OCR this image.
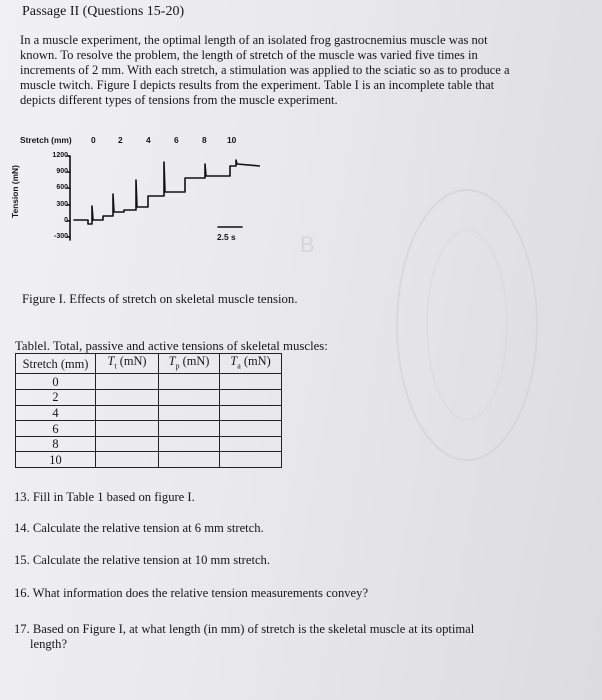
B
Passage II (Questions 15-20)
In a muscle experiment, the optimal length of an isolated frog gastrocnemius muscle was not
known. To resolve the problem, the length of stretch of the muscle was varied five times in
increments of 2 mm. With each stretch, a stimulation was applied to the sciatic so as to produce a
muscle twitch. Figure I depicts results from the experiment. Table I is an incomplete table that
depicts different types of tensions from the muscle experiment.
Stretch (mm) 0	2	4	6	8 10
Tension (mN)
1200
900
600
300
0
-300	2.5 s
Figure I. Effects of stretch on skeletal muscle tension.
Tablel. Total, passive and active tensions of skeletal muscles:
Stretch (mm)	$T_t$ (mN)	$T_p$ (mN)	$T_a$ (mN)
0			
2			
4			
6			
8			
10			
13. Fill in Table 1 based on figure I.
14. Calculate the relative tension at 6 mm stretch.
15. Calculate the relative tension at 10 mm stretch.
16. What information does the relative tension measurements convey?
17. Based on Figure I, at what length (in mm) of stretch is the skeletal muscle at its optimal
length?
